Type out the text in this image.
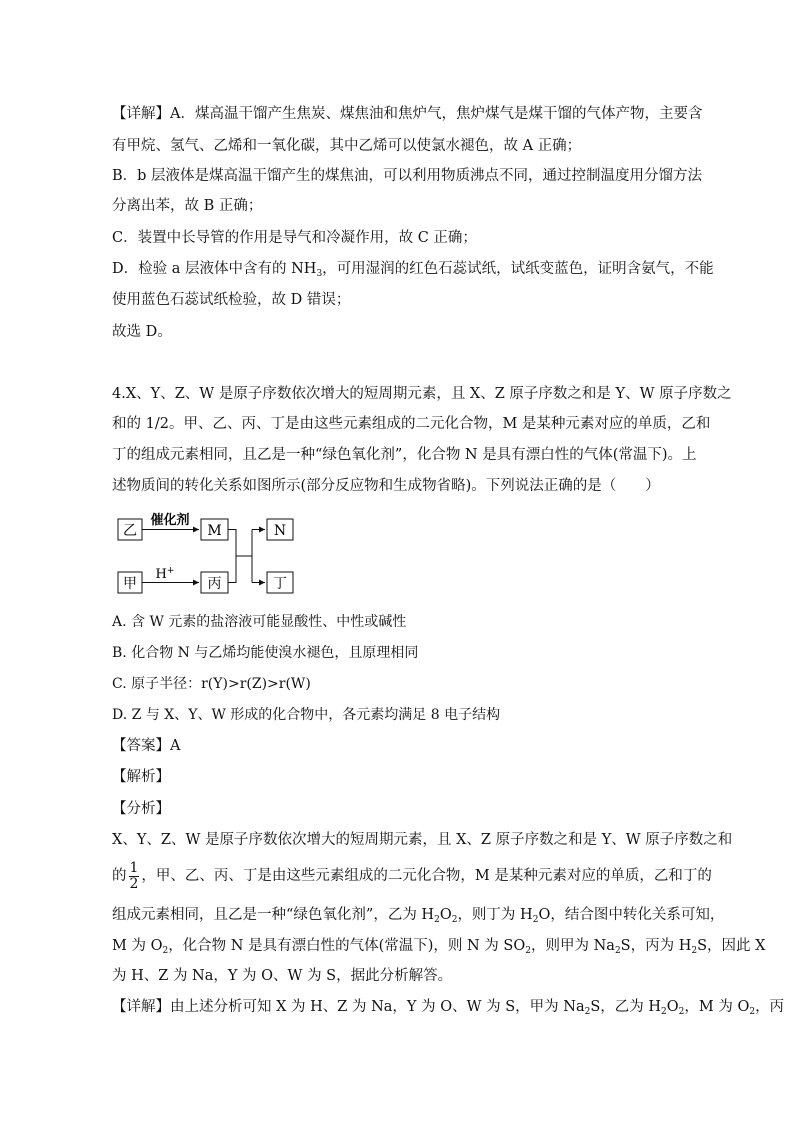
【详解】A．煤高温干馏产生焦炭、煤焦油和焦炉气，焦炉煤气是煤干馏的气体产物，主要含
有甲烷、氢气、乙烯和一氧化碳，其中乙烯可以使氯水褪色，故 A 正确；
B．b 层液体是煤高温干馏产生的煤焦油，可以利用物质沸点不同，通过控制温度用分馏方法
分离出苯，故 B 正确；
C．装置中长导管的作用是导气和冷凝作用，故 C 正确；
D．检验 a 层液体中含有的 $NH_3$，可用湿润的红色石蕊试纸，试纸变蓝色，证明含氨气，不能
使用蓝色石蕊试纸检验，故 D 错误；
故选 D。
4.X、Y、Z、W 是原子序数依次增大的短周期元素，且 X、Z 原子序数之和是 Y、W 原子序数之
和的 1/2。甲、乙、丙、丁是由这些元素组成的二元化合物，M 是某种元素对应的单质，乙和
丁的组成元素相同，且乙是一种“绿色氧化剂”，化合物 N 是具有漂白性的气体(常温下)。上
述物质间的转化关系如图所示(部分反应物和生成物省略)。下列说法正确的是（　　）
乙	M	N
甲	丙	丁
催化剂
H+
A. 含 W 元素的盐溶液可能显酸性、中性或碱性
B. 化合物 N 与乙烯均能使溴水褪色，且原理相同
C. 原子半径：r(Y)>r(Z)>r(W)
D. Z 与 X、Y、W 形成的化合物中，各元素均满足 8 电子结构
【答案】A
【解析】
【分析】
X、Y、Z、W 是原子序数依次增大的短周期元素，且 X、Z 原子序数之和是 Y、W 原子序数之和
的 $\frac{1}{2}$ ，甲、乙、丙、丁是由这些元素组成的二元化合物，M 是某种元素对应的单质，乙和丁的
组成元素相同，且乙是一种“绿色氧化剂”，乙为 $H_2O_2$，则丁为 $H_2O$，结合图中转化关系可知，
M 为 $O_2$，化合物 N 是具有漂白性的气体(常温下)，则 N 为 $SO_2$，则甲为 $Na_2S$，丙为 $H_2S$，因此 X
为 H、Z 为 Na，Y 为 O、W 为 S，据此分析解答。
【详解】由上述分析可知 X 为 H、Z 为 Na，Y 为 O、W 为 S，甲为 $Na_2S$，乙为 $H_2O_2$，M 为 $O_2$，丙
